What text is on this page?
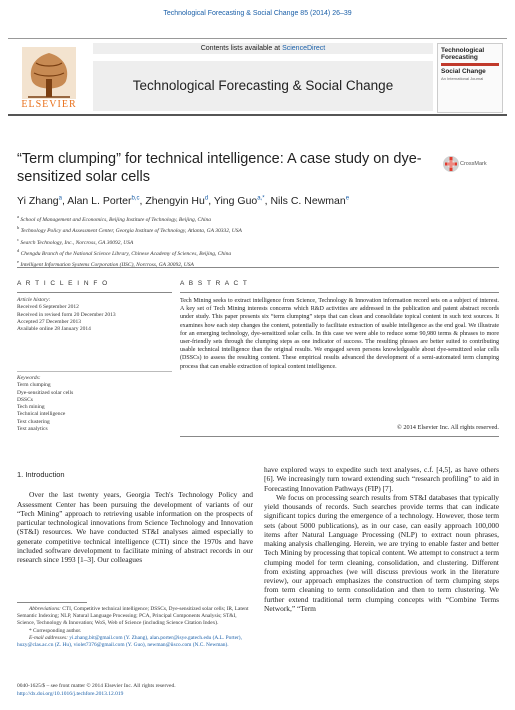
Technological Forecasting & Social Change 85 (2014) 26–39
ELSEVIER
Contents lists available at ScienceDirect
Technological Forecasting & Social Change
Technological Forecasting
Social Change
An International Journal
“Term clumping” for technical intelligence: A case study on dye-sensitized solar cells
CrossMark
Yi Zhang$^a$, Alan L. Porter$^{b,c}$, Zhengyin Hu$^d$, Ying Guo$^{a,*}$, Nils C. Newman$^e$
$^a$ School of Management and Economics, Beijing Institute of Technology, Beijing, China
$^b$ Technology Policy and Assessment Center, Georgia Institute of Technology, Atlanta, GA 30332, USA
$^c$ Search Technology, Inc., Norcross, GA 30092, USA
$^d$ Chengdu Branch of the National Science Library, Chinese Academy of Sciences, Beijing, China
$^e$ Intelligent Information Systems Corporation (IISC), Norcross, GA 30092, USA
A R T I C L E I N F O	A B S T R A C T
Article history:
Received 6 September 2012
Received in revised form 20 December 2013
Accepted 27 December 2013
Available online 28 January 2014
Keywords:
Term clumping
Dye-sensitized solar cells
DSSCs
Tech mining
Technical intelligence
Text clustering
Text analytics
Tech Mining seeks to extract intelligence from Science, Technology & Innovation information record sets on a subject of interest. A key set of Tech Mining interests concerns which R&D activities are addressed in the publication and patent abstract records under study. This paper presents six “term clumping” steps that can clean and consolidate topical content in such text sources. It examines how each step changes the content, potentially to facilitate extraction of usable intelligence as the end goal. We illustrate for an emerging technology, dye-sensitized solar cells. In this case we were able to reduce some 90,980 terms & phrases to more user-friendly sets through the clumping steps as one indicator of success. The resulting phrases are better suited to contributing usable technical intelligence than the original results. We engaged seven persons knowledgeable about dye-sensitized solar cells (DSSCs) to assess the resulting content. These empirical results advanced the development of a semi-automated term clumping process that can enable extraction of topical content intelligence.
© 2014 Elsevier Inc. All rights reserved.
1. Introduction

Over the last twenty years, Georgia Tech's Technology Policy and Assessment Center has been pursuing the development of variants of our “Tech Mining” approach to retrieving usable information on the prospects of particular technological innovations from Science Technology and Innovation (ST&I) resources. We have conducted ST&I analyses aimed especially to generate competitive technical intelligence (CTI) since the 1970s and have included software development to facilitate mining of abstract records in our research since 1993 [1–3]. Our colleagues

have explored ways to expedite such text analyses, c.f. [4,5], as have others [6]. We increasingly turn toward extending such “research profiling” to aid in Forecasting Innovation Pathways (FIP) [7].

We focus on processing search results from ST&I databases that typically yield thousands of records. Such searches provide terms that can indicate significant topics during the emergence of a technology. However, those term sets (about 5000 publications), as in our case, can easily approach 100,000 items after Natural Language Processing (NLP) to extract noun phrases, making analysis challenging. Herein, we are trying to enable faster and better Tech Mining by processing that topical content. We attempt to construct a term clumping model for term cleaning, consolidation, and clustering. Different from existing approaches (we will discuss previous work in the literature review), our approach emphasizes the construction of term clumping steps from term cleaning to term consolidation and then to term clustering. We further extend traditional term clumping concepts with “Combine Terms Network,” “Term

Abbreviations: CTI, Competitive technical intelligence; DSSCs, Dye-sensitized solar cells; IR, Latent Semantic Indexing; NLP, Natural Language Processing; PCA, Principal Components Analysis; ST&I, Science, Technology & Innovation; WoS, Web of Science (including Science Citation Index).
* Corresponding author.
E-mail addresses: yi.zhang.bit@gmail.com (Y. Zhang), alan.porter@isye.gatech.edu (A.L. Porter), huzy@clas.ac.cn (Z. Hu), violet7376@gmail.com (Y. Guo), newman@iisco.com (N.C. Newman).
0040-1625/$ – see front matter © 2014 Elsevier Inc. All rights reserved.
http://dx.doi.org/10.1016/j.techfore.2013.12.019
